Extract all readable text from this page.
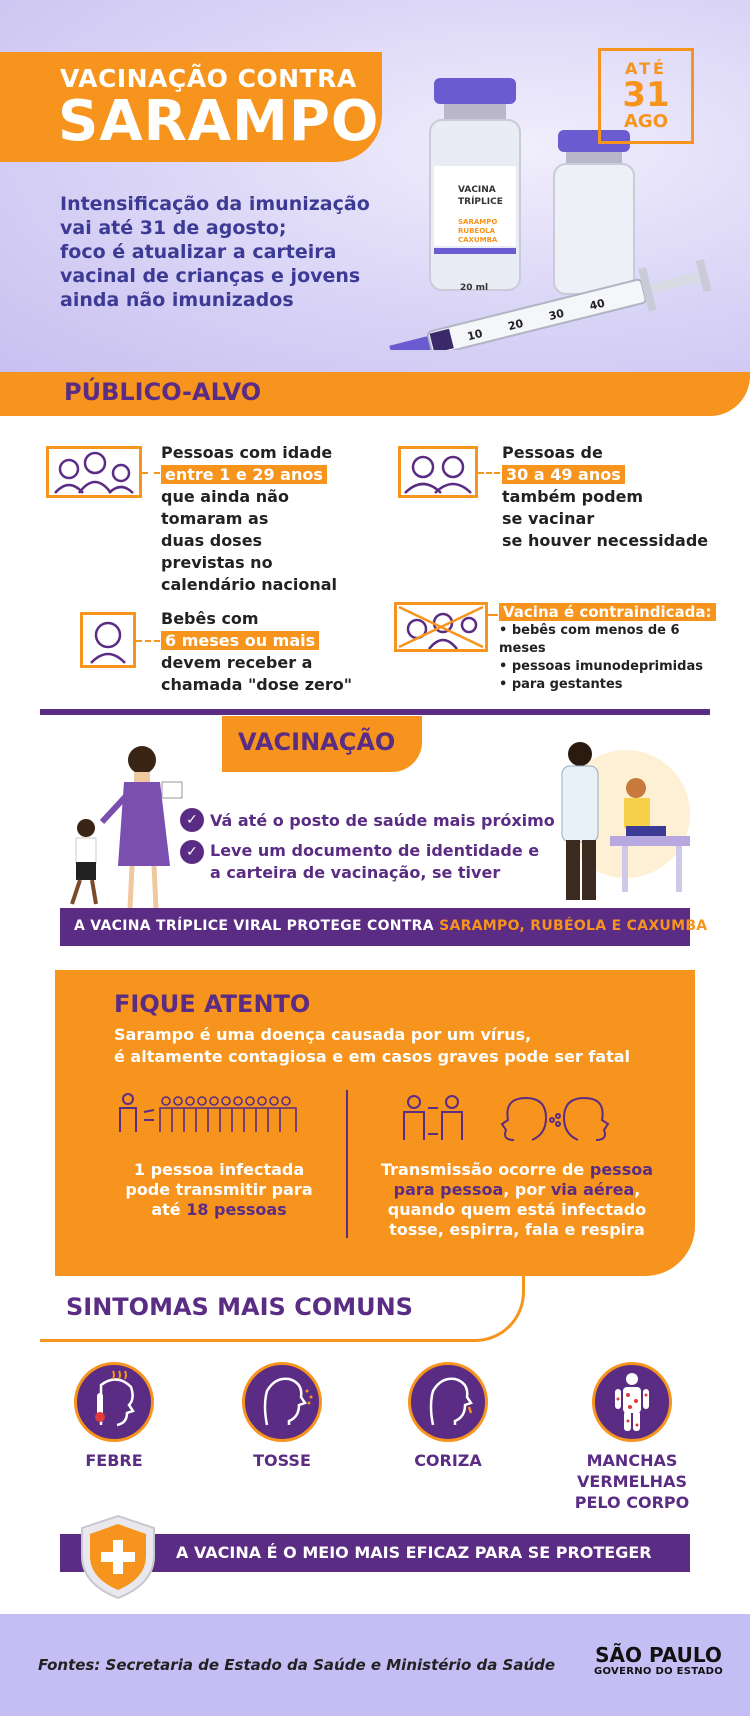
VACINAÇÃO CONTRA
SARAMPO
VACINA
TRÍPLICE
SARAMPO
RUBÉOLA
CAXUMBA
20 ml
10
20
30
40
ATÉ
31
AGO
Intensificação da imunização
vai até 31 de agosto;
foco é atualizar a carteira
vacinal de crianças e jovens
ainda não imunizados
PÚBLICO-ALVO
Pessoas com idade
entre 1 e 29 anos
que ainda não
tomaram as
duas doses
previstas no
calendário nacional
Pessoas de
30 a 49 anos
também podem
se vacinar
se houver necessidade
Bebês com
6 meses ou mais
devem receber a
chamada "dose zero"
Vacina é contraindicada:
• bebês com menos de 6 meses
• pessoas imunodeprimidas
• para gestantes
VACINAÇÃO
✓ Vá até o posto de saúde mais próximo
✓ Leve um documento de identidade e
a carteira de vacinação, se tiver
A VACINA TRÍPLICE VIRAL PROTEGE CONTRA SARAMPO, RUBÉOLA E CAXUMBA
FIQUE ATENTO
Sarampo é uma doença causada por um vírus,
é altamente contagiosa e em casos graves pode ser fatal
1 pessoa infectada
pode transmitir para
até 18 pessoas
Transmissão ocorre de pessoa
para pessoa, por via aérea,
quando quem está infectado
tosse, espirra, fala e respira
SINTOMAS MAIS COMUNS
FEBRE	TOSSE	CORIZA	MANCHAS
VERMELHAS
PELO CORPO
A VACINA É O MEIO MAIS EFICAZ PARA SE PROTEGER
Fontes: Secretaria de Estado da Saúde e Ministério da Saúde SÃO PAULO
GOVERNO DO ESTADO
